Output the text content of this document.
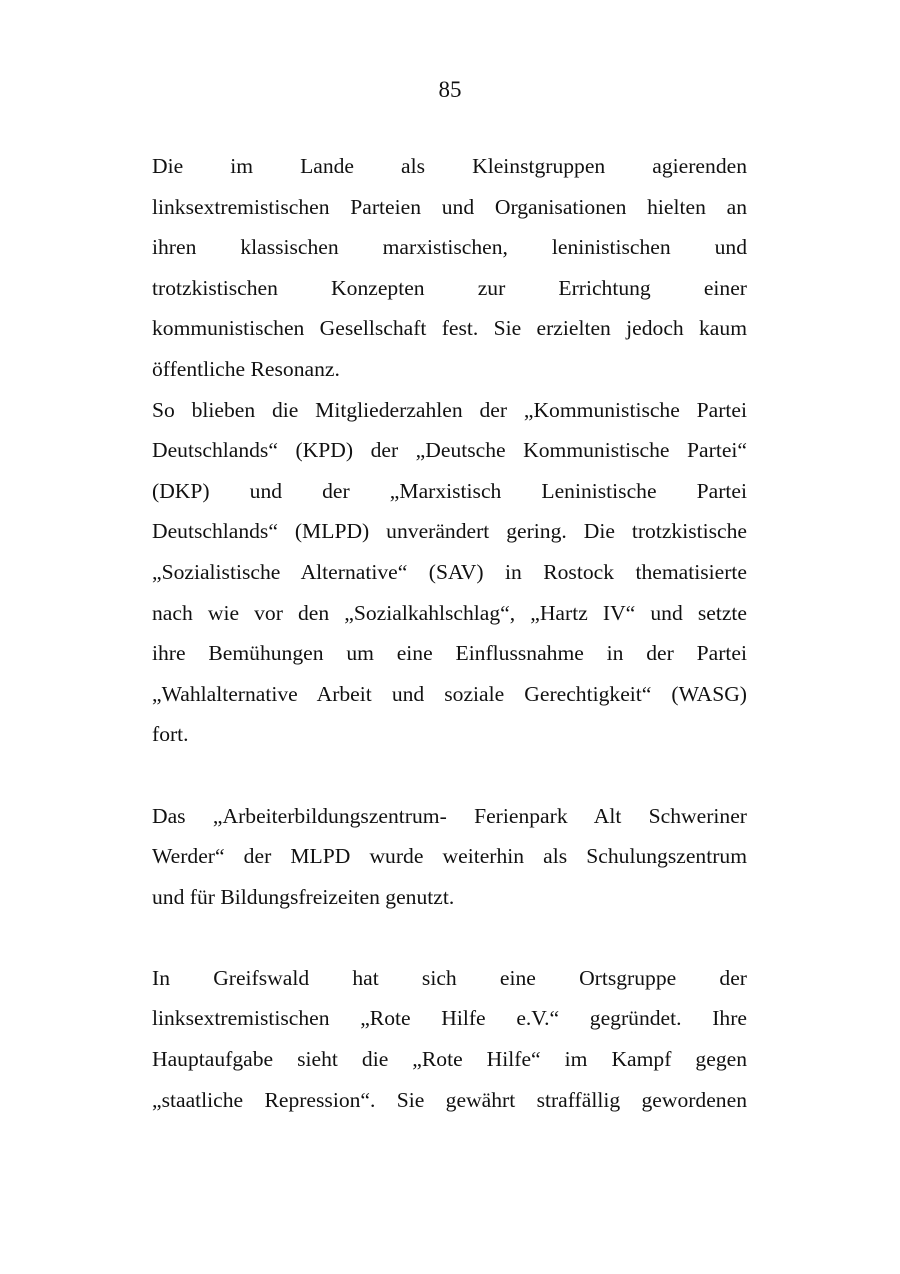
85
Die im Lande als Kleinstgruppen agierenden
linksextremistischen Parteien und Organisationen hielten an
ihren klassischen marxistischen, leninistischen und
trotzkistischen Konzepten zur Errichtung einer
kommunistischen Gesellschaft fest. Sie erzielten jedoch kaum
öffentliche Resonanz.
So blieben die Mitgliederzahlen der „Kommunistische Partei
Deutschlands“ (KPD) der „Deutsche Kommunistische Partei“
(DKP) und der „Marxistisch Leninistische Partei
Deutschlands“ (MLPD) unverändert gering. Die trotzkistische
„Sozialistische Alternative“ (SAV) in Rostock thematisierte
nach wie vor den „Sozialkahlschlag“, „Hartz IV“ und setzte
ihre Bemühungen um eine Einflussnahme in der Partei
„Wahlalternative Arbeit und soziale Gerechtigkeit“ (WASG)
fort.
Das „Arbeiterbildungszentrum- Ferienpark Alt Schweriner
Werder“ der MLPD wurde weiterhin als Schulungszentrum
und für Bildungsfreizeiten genutzt.
In Greifswald hat sich eine Ortsgruppe der
linksextremistischen „Rote Hilfe e.V.“ gegründet. Ihre
Hauptaufgabe sieht die „Rote Hilfe“ im Kampf gegen
„staatliche Repression“. Sie gewährt straffällig gewordenen
